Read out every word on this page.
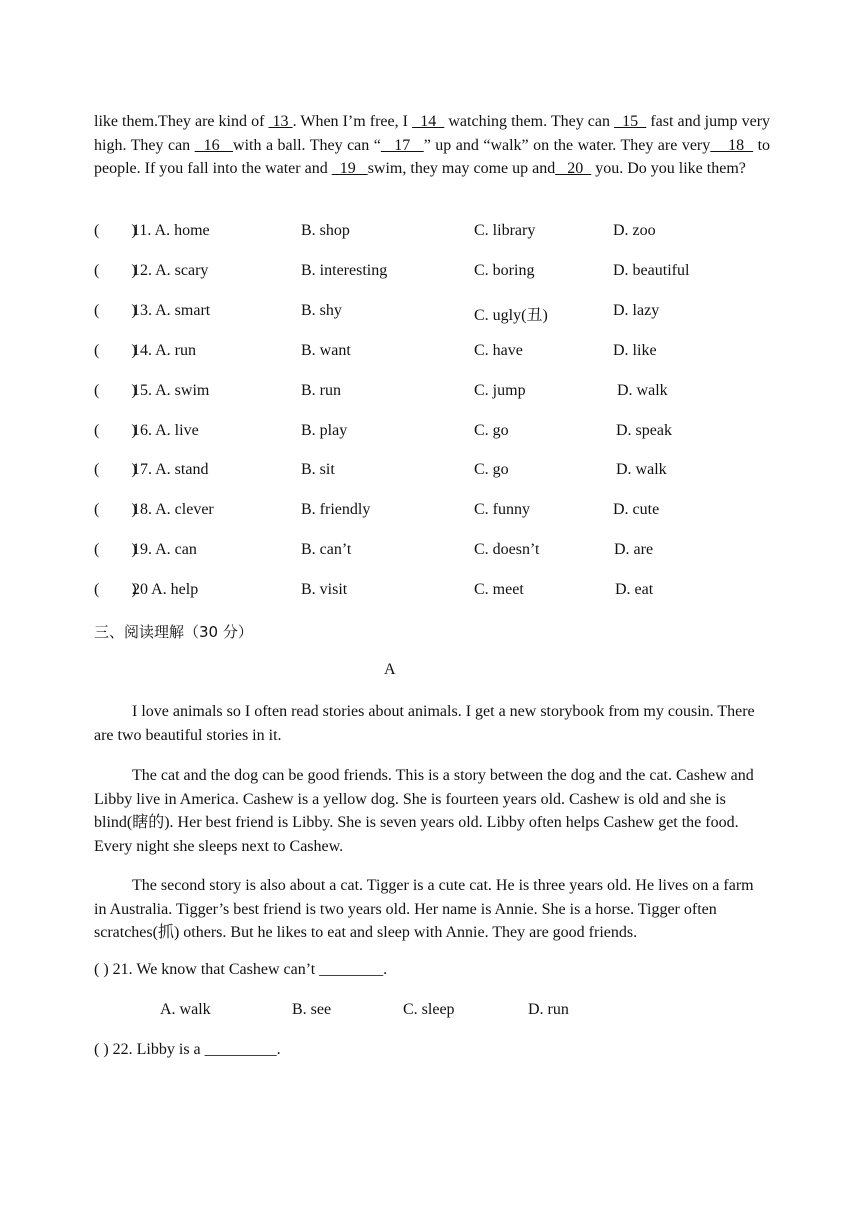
like them.They are kind of  13 . When I’m free, I   14   watching them. They can   15   fast and jump very high. They can   16   with a ball. They can “   17   ” up and “walk” on the water. They are very    18   to people. If you fall into the water and   19   swim, they may come up and   20   you. Do you like them?

(        )
11. A. home	B. shop	C. library	D. zoo
(        )
12. A. scary	B. interesting	C. boring	D. beautiful
(        )
13. A. smart	B. shy	C. ugly(丑)	D. lazy
(        )
14. A. run	B. want	C. have	D. like
(        )
15. A. swim	B. run	C. jump	D. walk
(        )
16. A. live	B. play	C. go	D. speak
(        )
17. A. stand	B. sit	C. go	D. walk
(        )
18. A. clever	B. friendly	C. funny	D. cute
(        )
19. A. can	B. can’t	C. doesn’t	D. are
(        )
20 A. help	B. visit	C. meet	D. eat
三、阅读理解（30 分）
A

I love animals so I often read stories about animals. I get a new storybook from my cousin. There are two beautiful stories in it.

The cat and the dog can be good friends. This is a story between the dog and the cat. Cashew and Libby live in America. Cashew is a yellow dog. She is fourteen years old. Cashew is old and she is blind(瞎的). Her best friend is Libby. She is seven years old. Libby often helps Cashew get the food. Every night she sleeps next to Cashew.

The second story is also about a cat. Tigger is a cute cat. He is three years old. He lives on a farm in Australia. Tigger’s best friend is two years old. Her name is Annie. She is a horse. Tigger often scratches(抓) others. But he likes to eat and sleep with Annie. They are good friends.

( ) 21. We know that Cashew can’t ________.
A. walk	B. see	C. sleep	D. run
( ) 22. Libby is a _________.
